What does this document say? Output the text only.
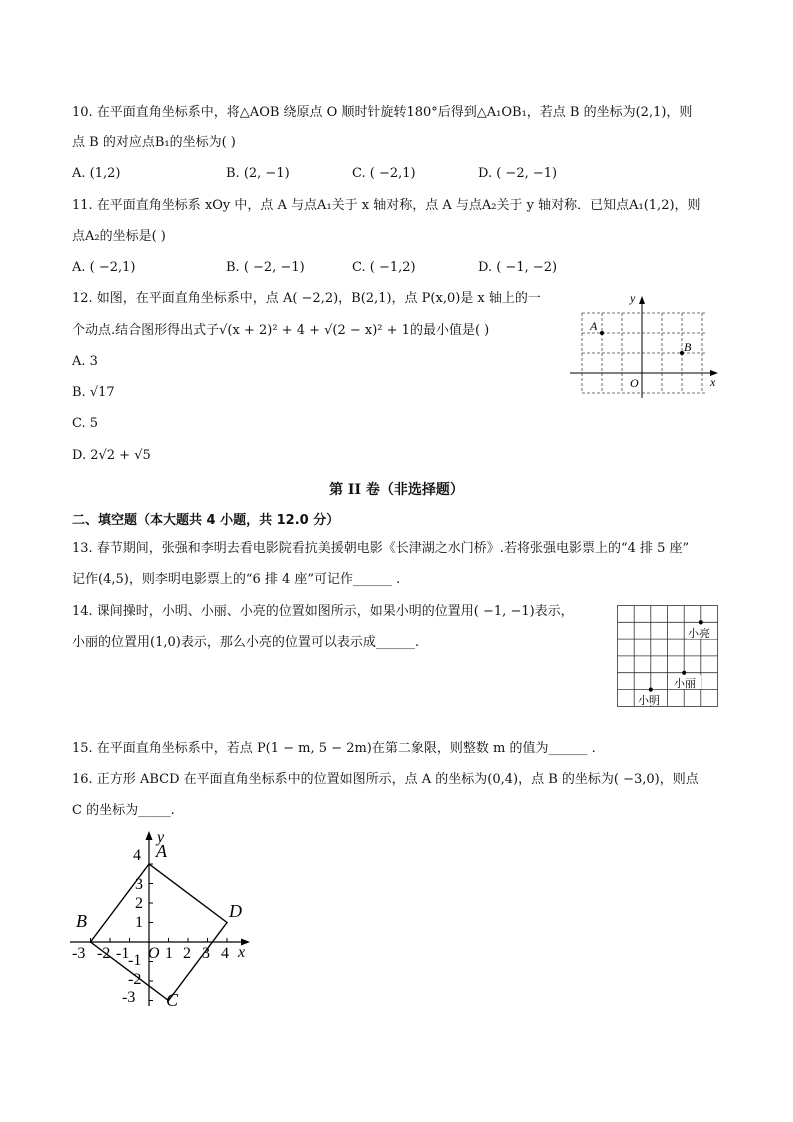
10. 在平面直角坐标系中，将△AOB 绕原点 O 顺时针旋转180°后得到△A₁OB₁，若点 B 的坐标为(2,1)，则
点 B 的对应点B₁的坐标为( )
A. (1,2)	B. (2, −1)	C. ( −2,1)	D. ( −2, −1)
11. 在平面直角坐标系 xOy 中，点 A 与点A₁关于 x 轴对称，点 A 与点A₂关于 y 轴对称．已知点A₁(1,2)，则
点A₂的坐标是( )
A. ( −2,1)	B. ( −2, −1)	C. ( −1,2)	D. ( −1, −2)
12. 如图，在平面直角坐标系中，点 A( −2,2)，B(2,1)，点 P(x,0)是 x 轴上的一
个动点.结合图形得出式子√(x + 2)² + 4 + √(2 − x)² + 1的最小值是( )
A. 3
B. √17
C. 5
D. 2√2 + √5
y
x
O
A
B
第 II 卷（非选择题）
二、填空题（本大题共 4 小题，共 12.0 分）
13. 春节期间，张强和李明去看电影院看抗美援朝电影《长津湖之水门桥》.若将张强电影票上的“4 排 5 座”
记作(4,5)，则李明电影票上的“6 排 4 座”可记作______ .
14. 课间操时，小明、小丽、小亮的位置如图所示，如果小明的位置用( −1, −1)表示，
小丽的位置用(1,0)表示，那么小亮的位置可以表示成______.
小亮
小丽
小明
15. 在平面直角坐标系中，若点 P(1 − m, 5 − 2m)在第二象限，则整数 m 的值为______ .
16. 正方形 ABCD 在平面直角坐标系中的位置如图所示，点 A 的坐标为(0,4)，点 B 的坐标为( −3,0)，则点
C 的坐标为_____.
4
3
2
1
-1
-2
-3
-3 -2 -1 1 2 3 4
O
y
x
A
B
C
D
